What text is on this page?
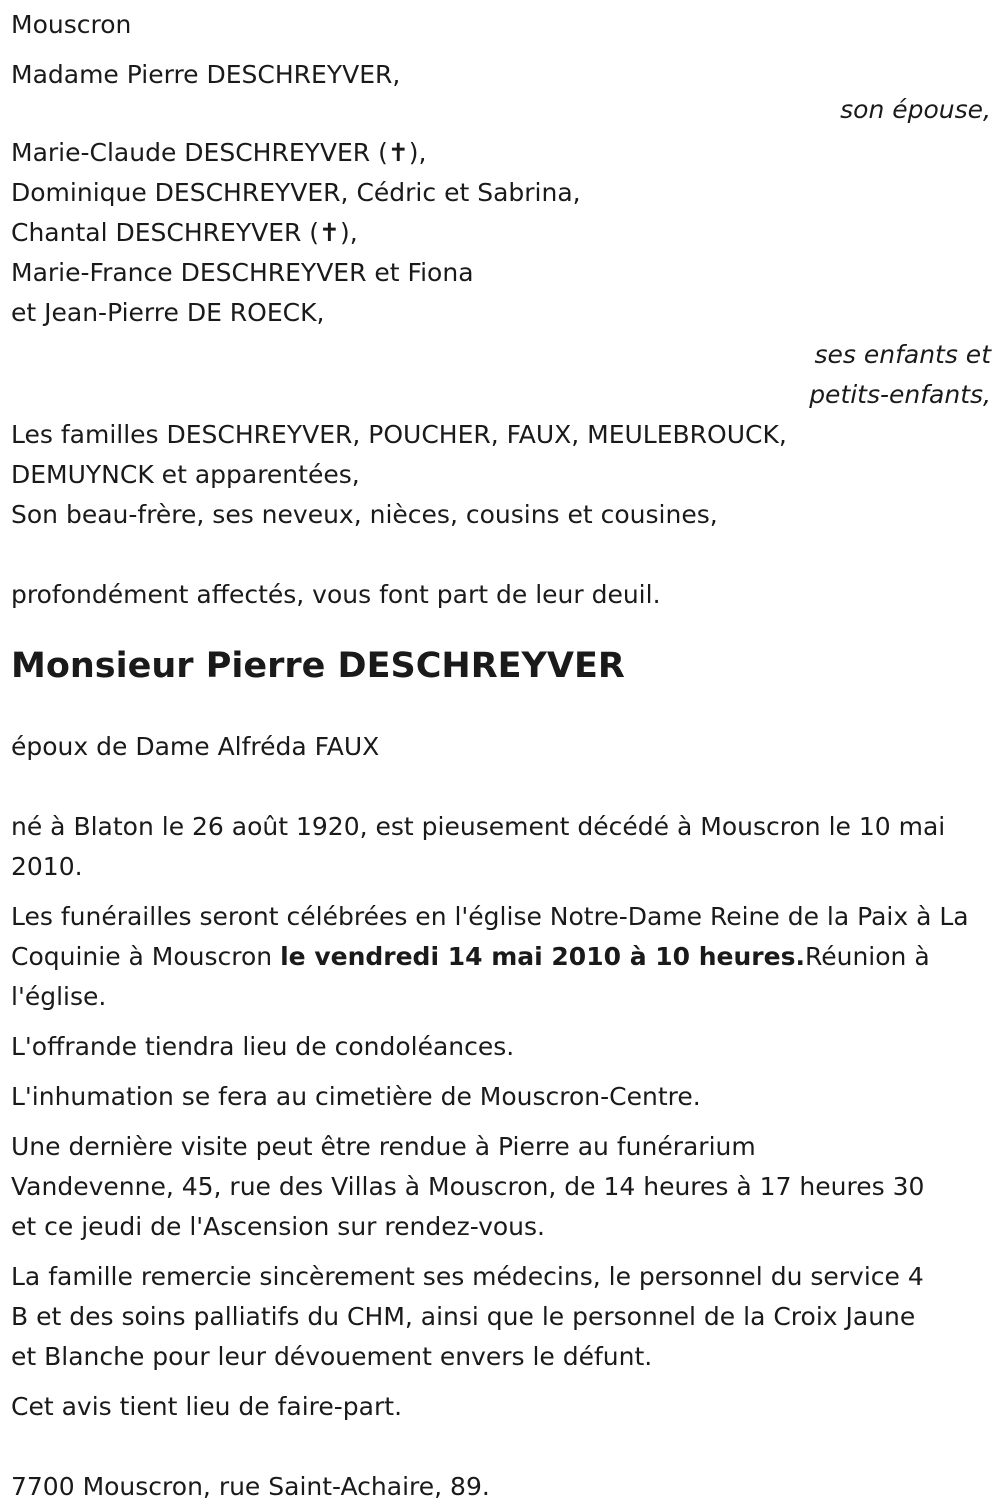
Mouscron
Madame Pierre DESCHREYVER,
son épouse,
Marie-Claude DESCHREYVER (✝),
Dominique DESCHREYVER, Cédric et Sabrina,
Chantal DESCHREYVER (✝),
Marie-France DESCHREYVER et Fiona
et Jean-Pierre DE ROECK,
ses enfants et
petits-enfants,
Les familles DESCHREYVER, POUCHER, FAUX, MEULEBROUCK,
DEMUYNCK et apparentées,
Son beau-frère, ses neveux, nièces, cousins et cousines,
profondément affectés, vous font part de leur deuil.
Monsieur Pierre DESCHREYVER
époux de Dame Alfréda FAUX
né à Blaton le 26 août 1920, est pieusement décédé à Mouscron le 10 mai 2010.
Les funérailles seront célébrées en l'église Notre-Dame Reine de la Paix à La Coquinie à Mouscron le vendredi 14 mai 2010 à 10 heures.Réunion à l'église.
L'offrande tiendra lieu de condoléances.
L'inhumation se fera au cimetière de Mouscron-Centre.
Une dernière visite peut être rendue à Pierre au funérarium
Vandevenne, 45, rue des Villas à Mouscron, de 14 heures à 17 heures 30
et ce jeudi de l'Ascension sur rendez-vous.
La famille remercie sincèrement ses médecins, le personnel du service 4
B et des soins palliatifs du CHM, ainsi que le personnel de la Croix Jaune
et Blanche pour leur dévouement envers le défunt.
Cet avis tient lieu de faire-part.
7700 Mouscron, rue Saint-Achaire, 89.
